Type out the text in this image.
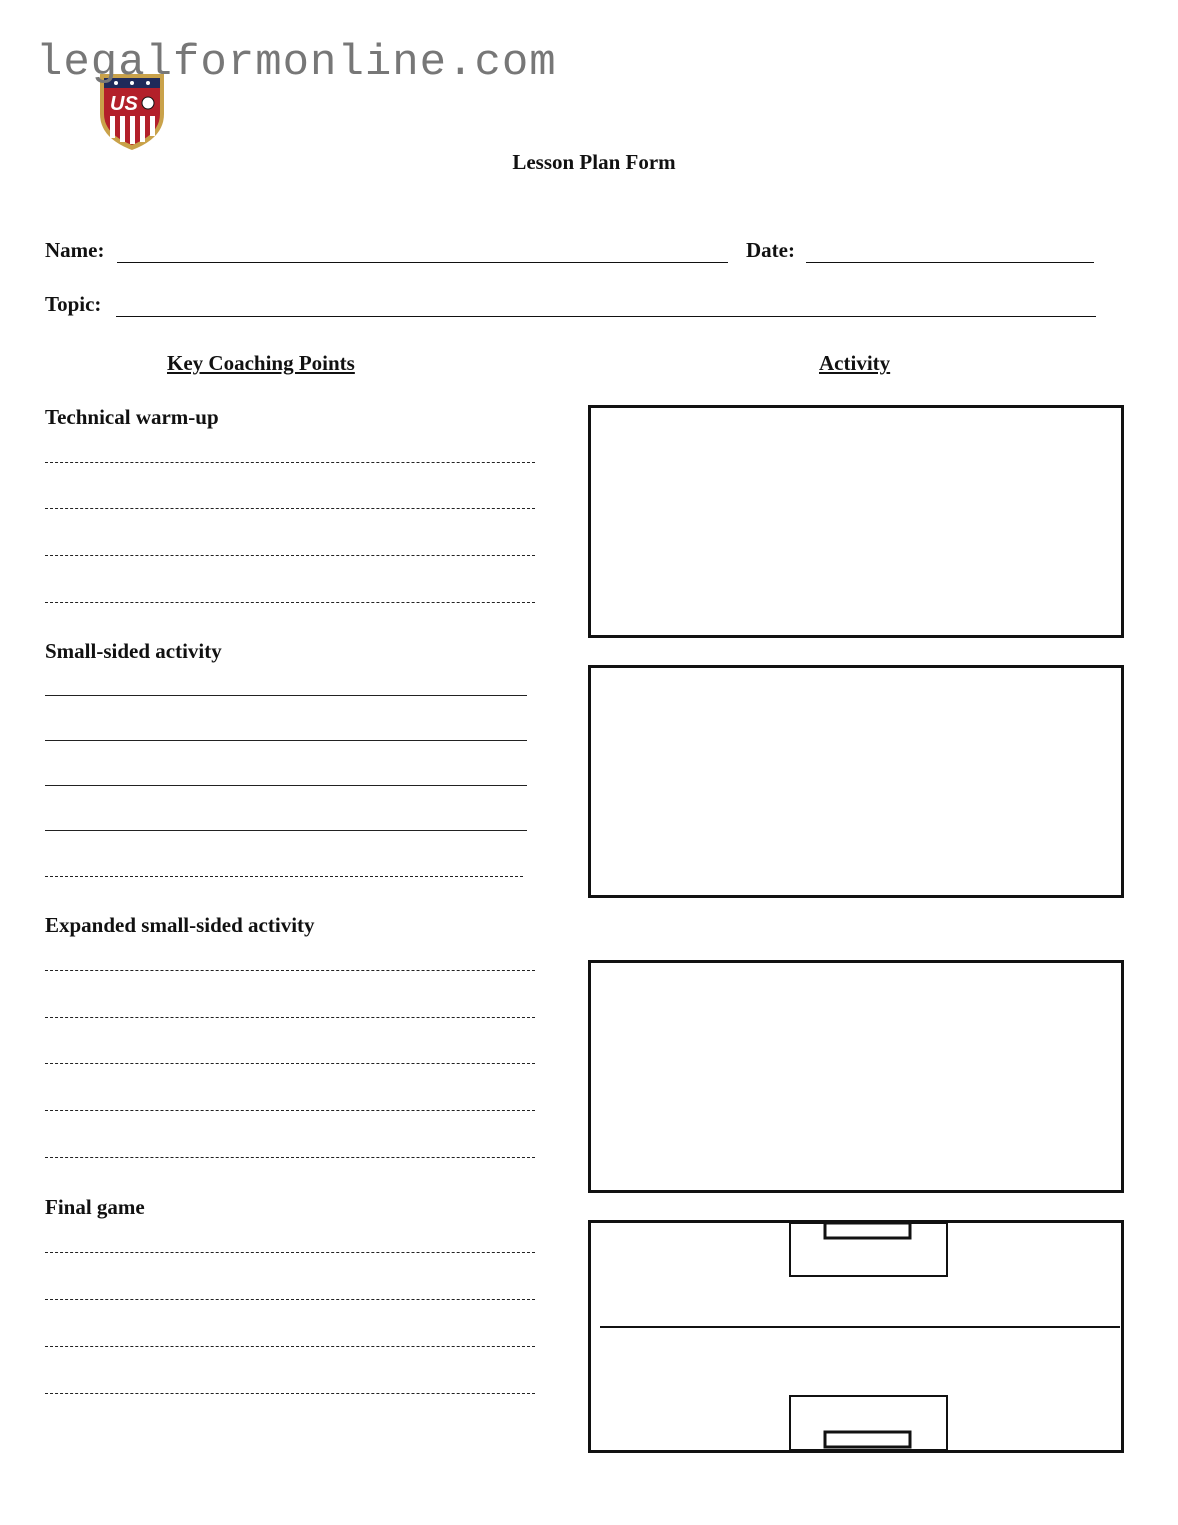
legalformonline.com
US
Lesson Plan Form
Name:	Date:
Topic:
Key Coaching Points	Activity
Technical warm-up
Small-sided activity
Expanded small-sided activity
Final game
